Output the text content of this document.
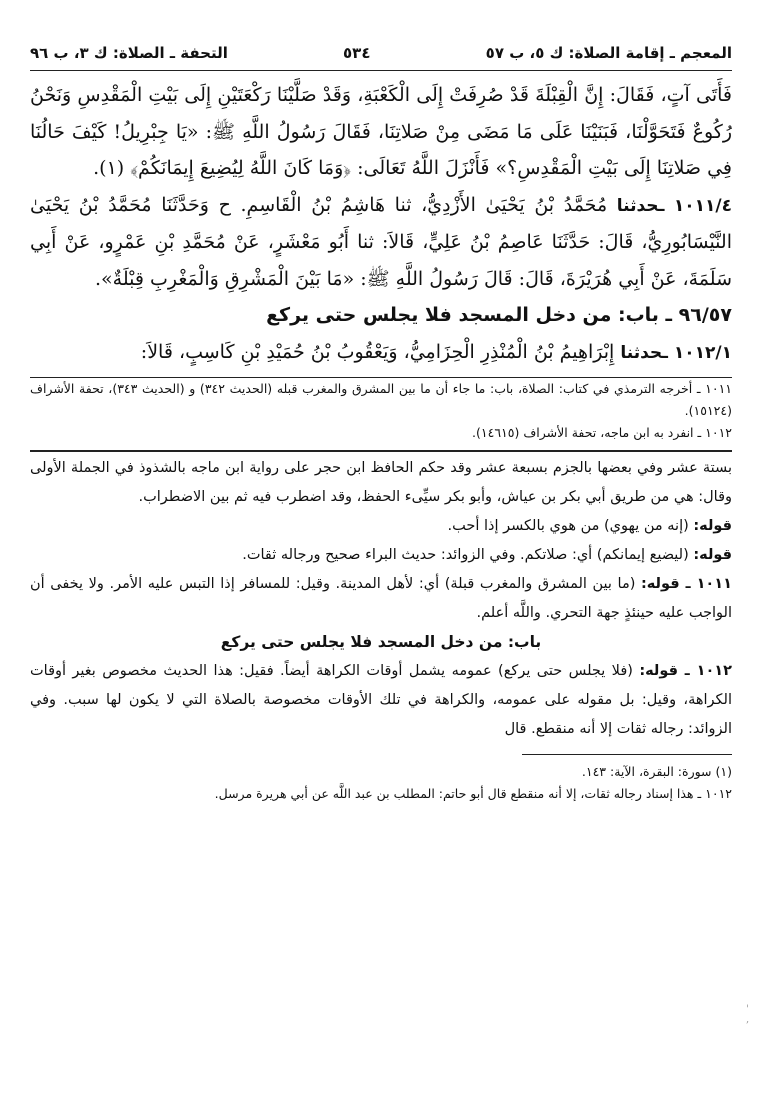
المعجم ـ إقامة الصلاة: ك ٥، ب ٥٧
٥٣٤
التحفة ـ الصلاة: ك ٣، ب ٩٦

فَأَتَى آتٍ، فَقَالَ: إِنَّ الْقِبْلَةَ قَدْ صُرِفَتْ إِلَى الْكَعْبَةِ، وَقَدْ صَلَّيْنَا رَكْعَتَيْنِ إِلَى بَيْتِ الْمَقْدِسِ وَنَحْنُ رُكُوعٌ فَتَحَوَّلْنَا، فَبَنَيْنَا عَلَى مَا مَضَى مِنْ صَلاتِنَا، فَقَالَ رَسُولُ اللَّهِ ﷺ: «يَا جِبْرِيلُ! كَيْفَ حَالُنَا فِي صَلاتِنَا إِلَى بَيْتِ الْمَقْدِسِ؟» فَأَنْزَلَ اللَّهُ تَعَالَى: ﴿وَمَا كَانَ اللَّهُ لِيُضِيعَ إِيمَانَكُمْ﴾ (١).

١٠١١/٤ ـحدثنا مُحَمَّدُ بْنُ يَحْيَىٰ الأَزْدِيُّ، ثنا هَاشِمُ بْنُ الْقَاسِمِ. ح وَحَدَّثَنَا مُحَمَّدُ بْنُ يَحْيَىٰ النَّيْسَابُورِيُّ، قَالَ: حَدَّثَنَا عَاصِمُ بْنُ عَلِيٍّ، قَالاَ: ثنا أَبُو مَعْشَرٍ، عَنْ مُحَمَّدِ بْنِ عَمْرٍو، عَنْ أَبِي سَلَمَةَ، عَنْ أَبِي هُرَيْرَةَ، قَالَ: قَالَ رَسُولُ اللَّهِ ﷺ: «مَا بَيْنَ الْمَشْرِقِ وَالْمَغْرِبِ قِبْلَةٌ».

٩٦/٥٧ ـ باب: من دخل المسجد فلا يجلس حتى يركع

١٠١٢/١ ـحدثنا إِبْرَاهِيمُ بْنُ الْمُنْذِرِ الْحِزَامِيُّ، وَيَعْقُوبُ بْنُ حُمَيْدِ بْنِ كَاسِبٍ، قَالاَ:

١٠١١ ـ أخرجه الترمذي في كتاب: الصلاة، باب: ما جاء أن ما بين المشرق والمغرب قبله (الحديث ٣٤٢) و (الحديث ٣٤٣)، تحفة الأشراف (١٥١٢٤).

١٠١٢ ـ انفرد به ابن ماجه، تحفة الأشراف (١٤٦١٥).

بستة عشر وفي بعضها بالجزم بسبعة عشر وقد حكم الحافظ ابن حجر على رواية ابن ماجه بالشذوذ في الجملة الأولى وقال: هي من طريق أبي بكر بن عياش، وأبو بكر سيِّىء الحفظ، وقد اضطرب فيه ثم بين الاضطراب.

قوله: (إنه من يهوي) من هوي بالكسر إذا أحب.

قوله: (ليضيع إيمانكم) أي: صلاتكم. وفي الزوائد: حديث البراء صحيح ورجاله ثقات.

١٠١١ ـ قوله: (ما بين المشرق والمغرب قبلة) أي: لأهل المدينة. وقيل: للمسافر إذا التبس عليه الأمر. ولا يخفى أن الواجب عليه حينئذٍ جهة التحري. واللَّه أعلم.

باب: من دخل المسجد فلا يجلس حتى يركع

١٠١٢ ـ قوله: (فلا يجلس حتى يركع) عمومه يشمل أوقات الكراهة أيضاً. فقيل: هذا الحديث مخصوص بغير أوقات الكراهة، وقيل: بل مقوله على عمومه، والكراهة في تلك الأوقات مخصوصة بالصلاة التي لا يكون لها سبب. وفي الزوائد: رجاله ثقات إلا أنه منقطع. قال

(١) سورة: البقرة، الآية: ١٤٣.

١٠١٢ ـ هذا إسناد رجاله ثقات، إلا أنه منقطع قال أبو حاتم: المطلب بن عبد اللَّه عن أبي هريرة مرسل.

'
,
